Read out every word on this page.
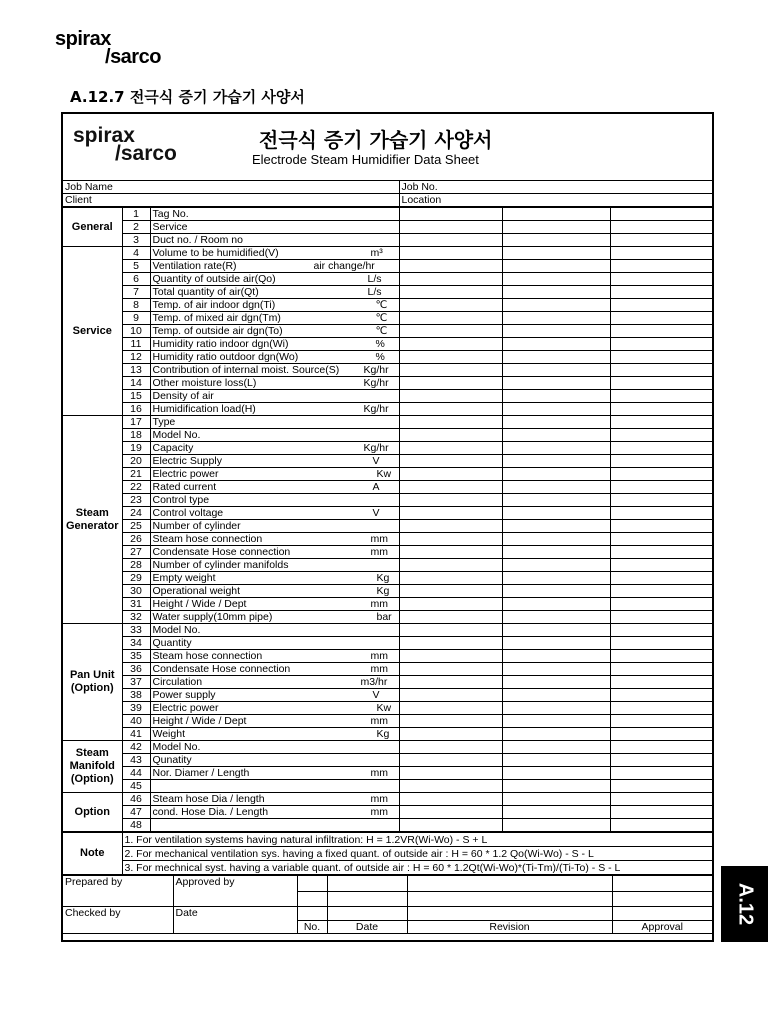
spirax
/sarco
A.12.7 전극식 증기 가습기 사양서
spirax
/sarco
전극식 증기 가습기 사양서
Electrode Steam Humidifier Data Sheet
Job Name	Job No.
Client	Location
General	1	Tag No.

	2	Service

	3	Duct no. / Room no

Service	4	Volume to be humidified(V) m³			

	5	Ventilation rate(R) air change/hr			

	6	Quantity of outside air(Qo) L/s			

	7	Total quantity of air(Qt) L/s			

	8	Temp. of air indoor dgn(Ti) ℃			

	9	Temp. of mixed air dgn(Tm) ℃			

	10	Temp. of outside air dgn(To) ℃			

	11	Humidity ratio indoor dgn(Wi) %			

	12	Humidity ratio outdoor dgn(Wo) %			

	13	Contribution of internal moist. Source(S) Kg/hr			

	14	Other moisture loss(L) Kg/hr			

	15	Density of air

	16	Humidification load(H) Kg/hr			

Steam Generator	17	Type

	18	Model No.

	19	Capacity Kg/hr			

	20	Electric Supply V			

	21	Electric power Kw			

	22	Rated current A			

	23	Control type

	24	Control voltage V			

	25	Number of cylinder

	26	Steam hose connection mm			

	27	Condensate Hose connection mm			

	28	Number of cylinder manifolds

	29	Empty weight Kg			

	30	Operational weight Kg			

	31	Height / Wide / Dept mm			

	32	Water supply(10mm pipe) bar			

Pan Unit (Option)	33	Model No.

	34	Quantity

	35	Steam hose connection mm			

	36	Condensate Hose connection mm			

	37	Circulation m3/hr			

	38	Power supply V			

	39	Electric power Kw			

	40	Height / Wide / Dept mm			

	41	Weight Kg			

Steam Manifold (Option)	42	Model No.

	43	Qunatity

	44	Nor. Diamer / Length mm			

	45	

Option	46	Steam hose Dia / length mm			

	47	cond. Hose Dia. / Length mm			

	48	

Note	1. For ventilation systems having natural infiltration: H = 1.2VR(Wi-Wo) - S + L
2. For mechanical ventilation sys. having a fixed quant. of outside air : H = 60 * 1.2 Qo(Wi-Wo) - S - L
3. For mechnical syst. having a variable quant. of outside air : H = 60 * 1.2Qt(Wi-Wo)*(Ti-Tm)/(Ti-To) - S - L
Prepared by	Approved by				

Checked by	Date				
		No.	Date	Revision	Approval
A.12
